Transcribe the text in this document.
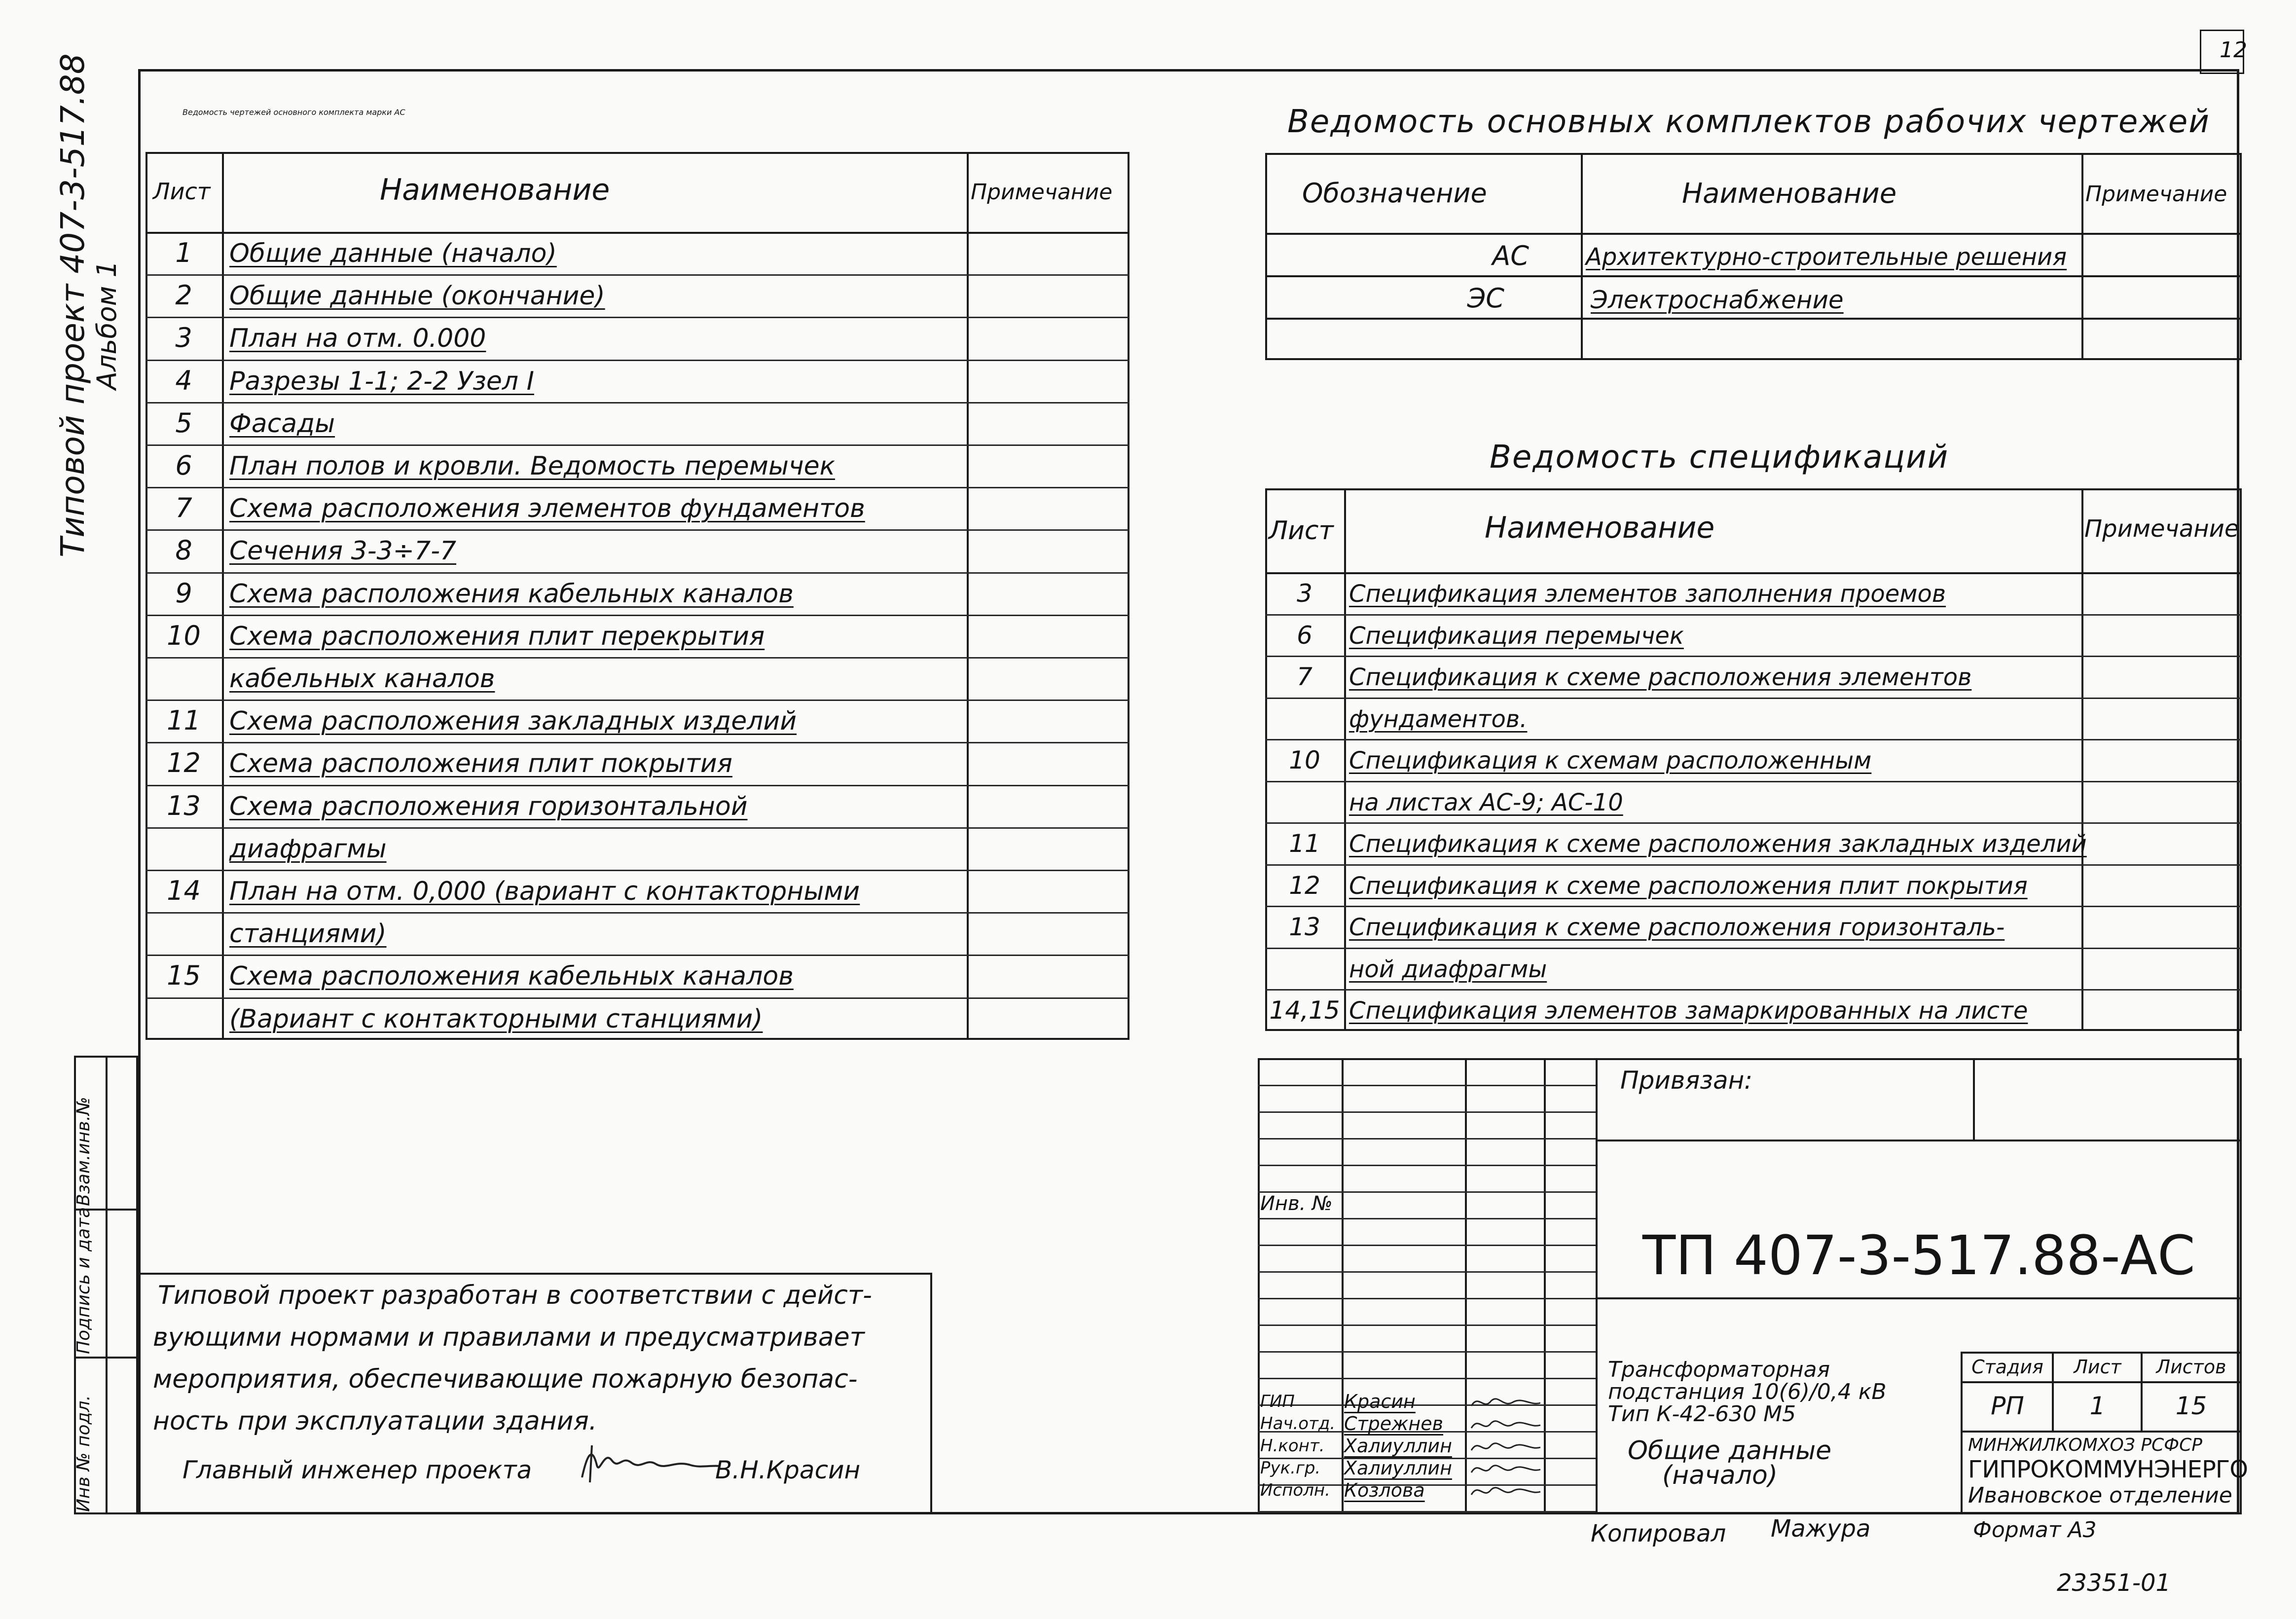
Типовой проект 407-3-517.88 Альбом 1
Инв № подл.
Подпись и дата
Взам.инв.№
12
Ведомость чертежей основного комплекта марки АС
Лист	Наименование	Примечание
1	Общие данные (начало)
2	Общие данные (окончание)
3	План на отм. 0.000
4	Разрезы 1-1; 2-2 Узел I
5	Фасады
6	План полов и кровли. Ведомость перемычек
7	Схема расположения элементов фундаментов
8	Сечения 3-3÷7-7
9	Схема расположения кабельных каналов
10	Схема расположения плит перекрытия
кабельных каналов
11	Схема расположения закладных изделий
12	Схема расположения плит покрытия
13	Схема расположения горизонтальной
диафрагмы
14	План на отм. 0,000 (вариант с контакторными
станциями)
15	Схема расположения кабельных каналов
(Вариант с контакторными станциями)
Ведомость основных комплектов рабочих чертежей
Обозначение	Наименование	Примечание
АС Архитектурно-строительные решения
ЭС	Электроснабжение
Ведомость спецификаций
Лист	Наименование	Примечание
3	Спецификация элементов заполнения проемов
6	Спецификация перемычек
7	Спецификация к схеме расположения элементов
фундаментов.
10	Спецификация к схемам расположенным
на листах АС-9; АС-10
11	Спецификация к схеме расположения закладных изделий
12	Спецификация к схеме расположения плит покрытия
13	Спецификация к схеме расположения горизонталь-
ной диафрагмы
14,15 Спецификация элементов замаркированных на листе
Типовой проект разработан в соответствии с дейст-
вующими нормами и правилами и предусматривает
мероприятия, обеспечивающие пожарную безопас-
ность при эксплуатации здания.
Главный инженер проекта	В.Н.Красин
Привязан:
Инв. №
ТП 407-3-517.88-АС
Трансформаторная
подстанция 10(6)/0,4 кВ
Тип К-42-630 М5
Общие данные
(начало)
Стадия	Лист	Листов
РП	1	15
МИНЖИЛКОМХОЗ РСФСР
ГИПРОКОММУНЭНЕРГО
Ивановское отделение
ГИП	Красин
Нач.отд. Стрежнев
Н.конт. Халиуллин
Рук.гр. Халиуллин
Исполн. Козлова
Копировал Мажура	Формат А3
23351-01
